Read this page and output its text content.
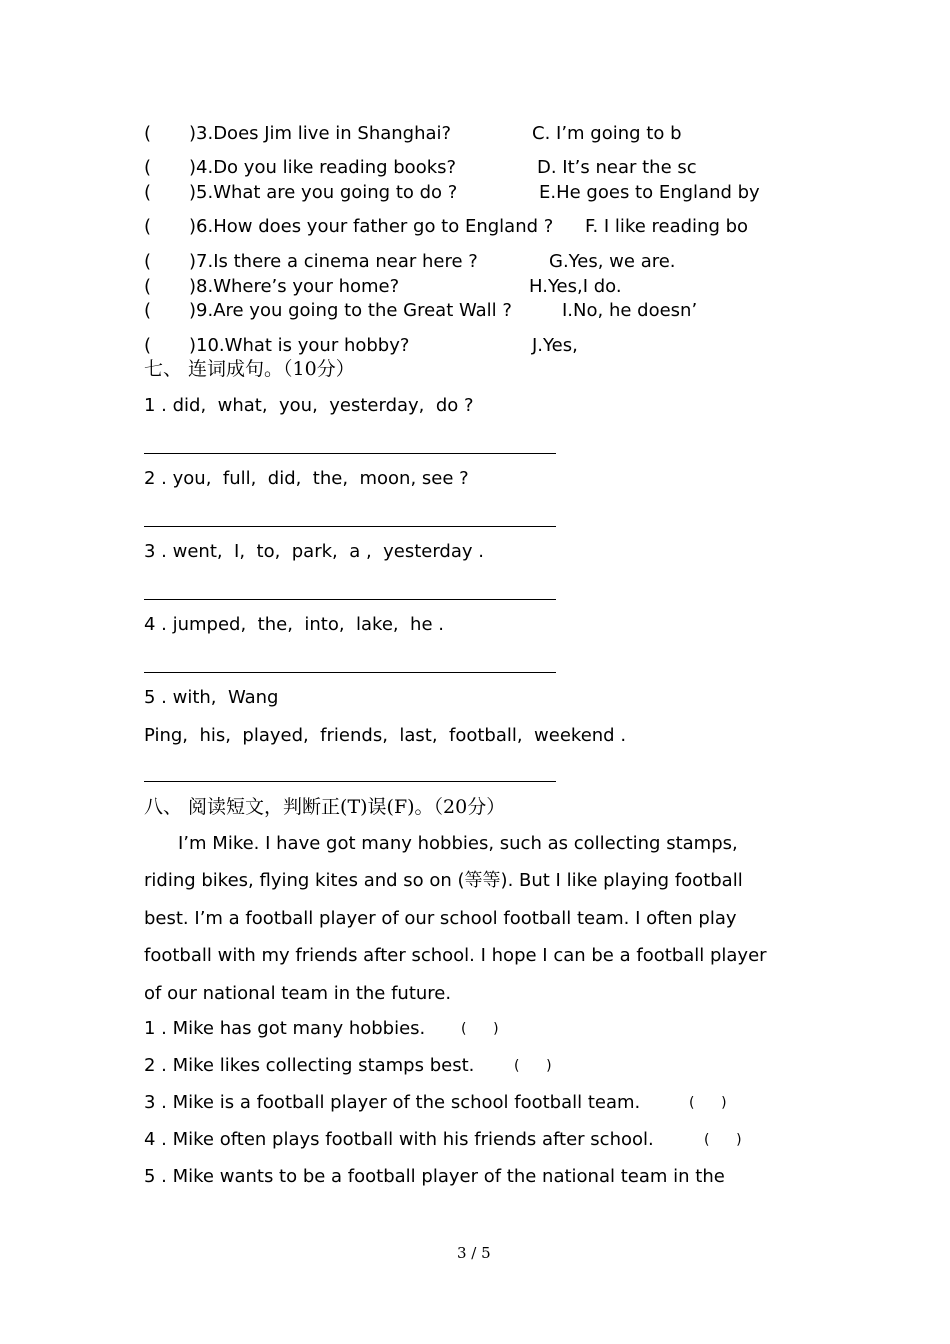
( )3.Does Jim live in Shanghai?	C. I’m going to b
( )4.Do you like reading books?	D. It’s near the sc
( )5.What are you going to do ?	E.He goes to England by
( )6.How does your father go to England ? F. I like reading bo
( )7.Is there a cinema near here ?	G.Yes, we are.
( )8.Where’s your home?	H.Yes,I do.
( )9.Are you going to the Great Wall ?	I.No, he doesn’
( )10.What is your hobby?	J.Yes,
七、 连词成句。（10分）
1 . did,  what,  you,  yesterday,  do ?
2 . you,  full,  did,  the,  moon, see ?
3 . went,  I,  to,  park,  a ,  yesterday .
4 . jumped,  the,  into,  lake,  he .
5 . with,  Wang
Ping,  his,  played,  friends,  last,  football,  weekend .
八、 阅读短文，判断正(T)误(F)。（20分）
I’m Mike. I have got many hobbies, such as collecting stamps,
riding bikes, flying kites and so on (等等). But I like playing football
best. I’m a football player of our school football team. I often play
football with my friends after school. I hope I can be a football player
of our national team in the future.
1 . Mike has got many hobbies.	(      )
2 . Mike likes collecting stamps best.	(      )
3 . Mike is a football player of the school football team.	(      )
4 . Mike often plays football with his friends after school.	(      )
5 . Mike wants to be a football player of the national team in the
3 / 5
